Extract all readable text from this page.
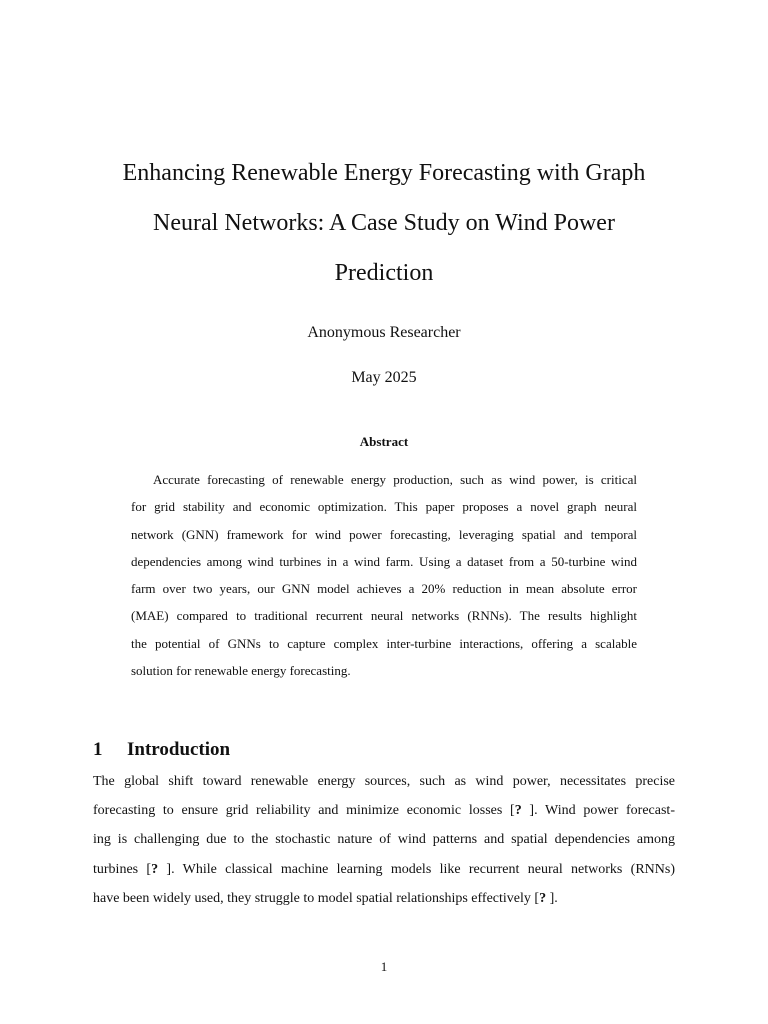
Enhancing Renewable Energy Forecasting with Graph
Neural Networks: A Case Study on Wind Power
Prediction
Anonymous Researcher
May 2025
Abstract
Accurate forecasting of renewable energy production, such as wind power, is critical
for grid stability and economic optimization. This paper proposes a novel graph neural
network (GNN) framework for wind power forecasting, leveraging spatial and temporal
dependencies among wind turbines in a wind farm. Using a dataset from a 50-turbine wind
farm over two years, our GNN model achieves a 20% reduction in mean absolute error
(MAE) compared to traditional recurrent neural networks (RNNs). The results highlight
the potential of GNNs to capture complex inter-turbine interactions, offering a scalable
solution for renewable energy forecasting.
1 Introduction
The global shift toward renewable energy sources, such as wind power, necessitates precise
forecasting to ensure grid reliability and minimize economic losses [? ]. Wind power forecast-
ing is challenging due to the stochastic nature of wind patterns and spatial dependencies among
turbines [? ]. While classical machine learning models like recurrent neural networks (RNNs)
have been widely used, they struggle to model spatial relationships effectively [? ].
1
